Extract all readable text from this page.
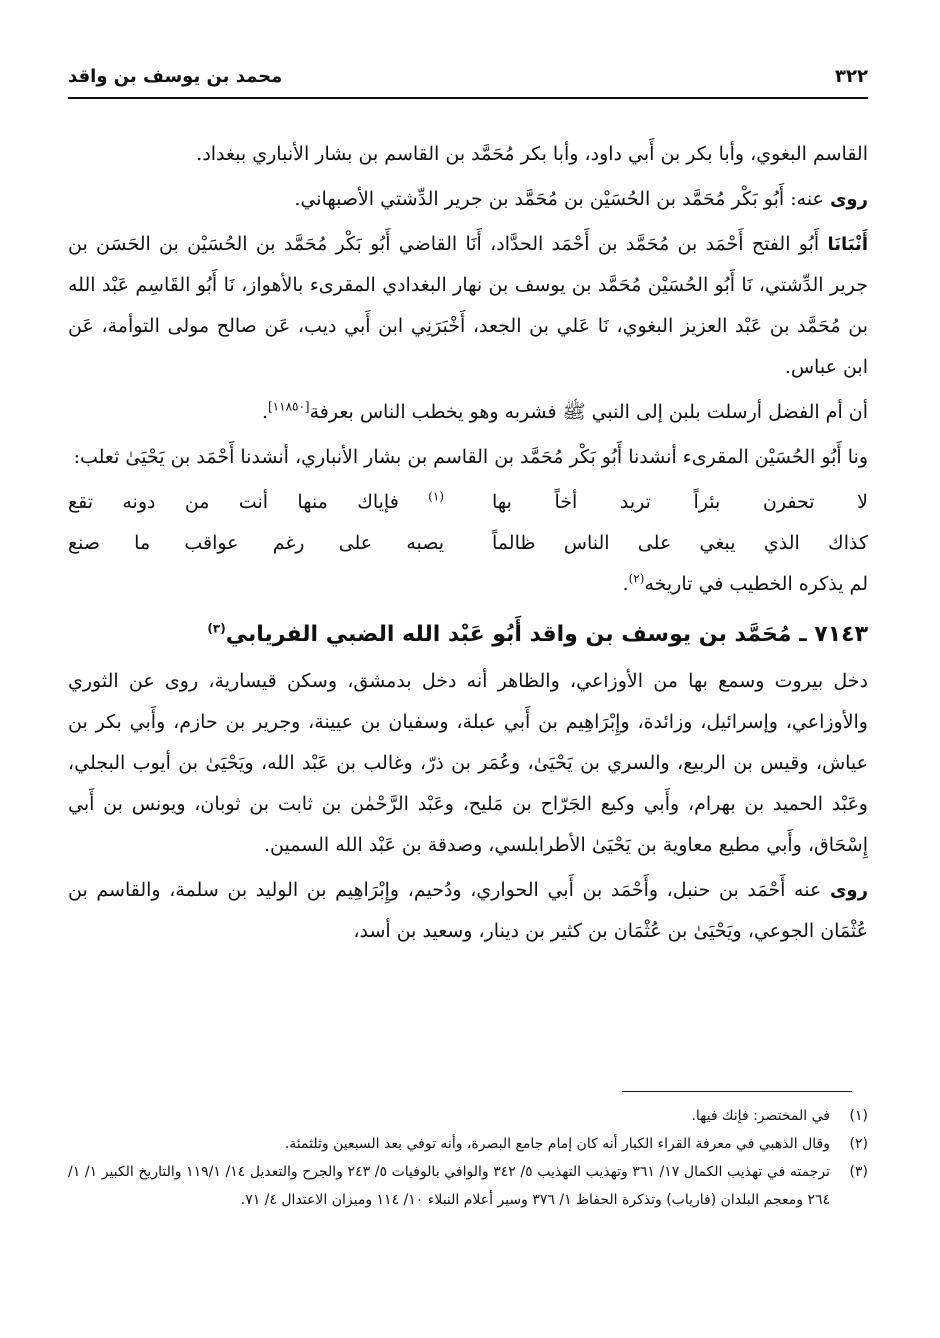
٣٢٢
محمد بن يوسف بن واقد

القاسم البغوي، وأبا بكر بن أَبي داود، وأبا بكر مُحَمَّد بن القاسم بن بشار الأنباري ببغداد.

روى عنه: أَبُو بَكْر مُحَمَّد بن الحُسَيْن بن مُحَمَّد بن جرير الدِّشتي الأصبهاني.

أَنْبَانَا أَبُو الفتح أَحْمَد بن مُحَمَّد بن أَحْمَد الحدَّاد، أَنَا القاضي أَبُو بَكْر مُحَمَّد بن الحُسَيْن بن الحَسَن بن جرير الدِّشتي، نَا أَبُو الحُسَيْن مُحَمَّد بن يوسف بن نهار البغدادي المقرىء بالأهواز، نَا أَبُو القَاسِم عَبْد الله بن مُحَمَّد بن عَبْد العزيز البغوي، نَا عَلي بن الجعد، أَخْبَرَنِي ابن أَبي ديب، عَن صالح مولى التوأمة، عَن ابن عباس.

أن أم الفضل أرسلت بلبن إلى النبي ﷺ فشربه وهو يخطب الناس بعرفة[١١٨٥٠].

ونا أَبُو الحُسَيْن المقرىء أنشدنا أَبُو بَكْر مُحَمَّد بن القاسم بن بشار الأنباري، أنشدنا أَحْمَد بن يَحْيَىٰ ثعلب:

لا تحفرن بئراً تريد أخاً بها
$^{(١)}$ فإياك منها أنت من دونه تقع
كذاك الذي يبغي على الناس ظالماً
يصبه على رغم عواقب ما صنع

لم يذكره الخطيب في تاريخه$^{(٢)}$.

٧١٤٣ ـ مُحَمَّد بن يوسف بن واقد أَبُو عَبْد الله الضبي الفريابي$^{(٣)}$

دخل بيروت وسمع بها من الأوزاعي، والظاهر أنه دخل بدمشق، وسكن قيسارية، روى عن الثوري والأوزاعي، وإسرائيل، وزائدة، وإِبْرَاهِيم بن أَبي عبلة، وسفيان بن عيينة، وجرير بن حازم، وأَبي بكر بن عياش، وقيس بن الربيع، والسري بن يَحْيَىٰ، وعُمَر بن ذرّ، وغالب بن عَبْد الله، ويَحْيَىٰ بن أيوب البجلي، وعَبْد الحميد بن بهرام، وأَبي وكيع الجَرّاح بن مَليح، وعَبْد الرَّحْمٰن بن ثابت بن ثوبان، ويونس بن أَبي إِسْحَاق، وأَبي مطيع معاوية بن يَحْيَىٰ الأطرابلسي، وصدقة بن عَبْد الله السمين.

روى عنه أَحْمَد بن حنبل، وأَحْمَد بن أَبي الحواري، ودُحيم، وإِبْرَاهِيم بن الوليد بن سلمة، والقاسم بن عُثْمَان الجوعي، ويَحْيَىٰ بن عُثْمَان بن كثير بن دينار، وسعيد بن أسد،

(١)
في المختصر: فإنك فيها.
(٢)
وقال الذهبي في معرفة القراء الكبار أنه كان إمام جامع البصرة، وأنه توفي بعد السبعين وثلثمئة.
(٣)
ترجمته في تهذيب الكمال ١٧/ ٣٦١ وتهذيب التهذيب ٥/ ٣٤٢ والوافي بالوفيات ٥/ ٢٤٣ والجرح والتعديل ١٤/ ١١٩/١ والتاريخ الكبير ١/ ١/ ٢٦٤ ومعجم البلدان (فارياب) وتذكرة الحفاظ ١/ ٣٧٦ وسير أعلام النبلاء ١٠/ ١١٤ وميزان الاعتدال ٤/ ٧١.
